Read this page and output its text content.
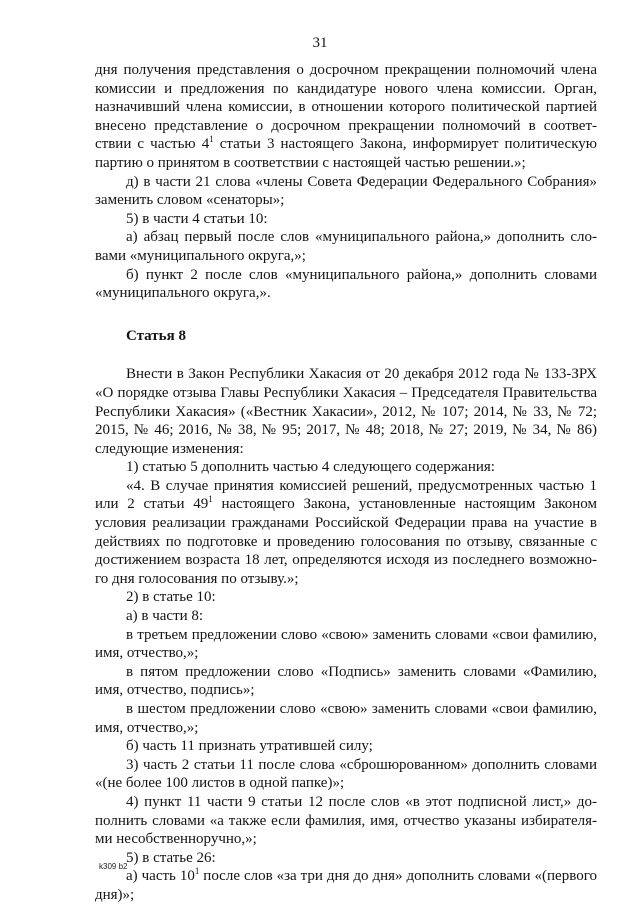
31

дня получения представления о досрочном прекращении полномочий члена комиссии и предложения по кандидатуре нового члена комиссии. Орган, назначивший члена комиссии, в отношении которого политической партией внесено представление о досрочном прекращении полномочий в соответ-ствии с частью $4^1$ статьи 3 настоящего Закона, информирует политическую партию о принятом в соответствии с настоящей частью решении.»;

д) в части 21 слова «члены Совета Федерации Федерального Собрания» заменить словом «сенаторы»;

5) в части 4 статьи 10:

а) абзац первый после слов «муниципального района,» дополнить сло-вами «муниципального округа,»;

б) пункт 2 после слов «муниципального района,» дополнить словами «муниципального округа,».

Статья 8

Внести в Закон Республики Хакасия от 20 декабря 2012 года № 133-ЗРХ «О порядке отзыва Главы Республики Хакасия – Председателя Правительства Республики Хакасия» («Вестник Хакасии», 2012, № 107; 2014, № 33, № 72; 2015, № 46; 2016, № 38, № 95; 2017, № 48; 2018, № 27; 2019, № 34, № 86) следующие изменения:

1) статью 5 дополнить частью 4 следующего содержания:

«4. В случае принятия комиссией решений, предусмотренных частью 1 или 2 статьи $49^1$ настоящего Закона, установленные настоящим Законом условия реализации гражданами Российской Федерации права на участие в действиях по подготовке и проведению голосования по отзыву, связанные с достижением возраста 18 лет, определяются исходя из последнего возможно-го дня голосования по отзыву.»;

2) в статье 10:

а) в части 8:

в третьем предложении слово «свою» заменить словами «свои фамилию, имя, отчество,»;

в пятом предложении слово «Подпись» заменить словами «Фамилию, имя, отчество, подпись»;

в шестом предложении слово «свою» заменить словами «свои фамилию, имя, отчество,»;

б) часть 11 признать утратившей силу;

3) часть 2 статьи 11 после слова «сброшюрованном» дополнить словами «(не более 100 листов в одной папке)»;

4) пункт 11 части 9 статьи 12 после слов «в этот подписной лист,» до-полнить словами «а также если фамилия, имя, отчество указаны избирателя-ми несобственноручно,»;

5) в статье 26:

а) часть $10^1$ после слов «за три дня до дня» дополнить словами «(первого дня)»;

k309 b2
